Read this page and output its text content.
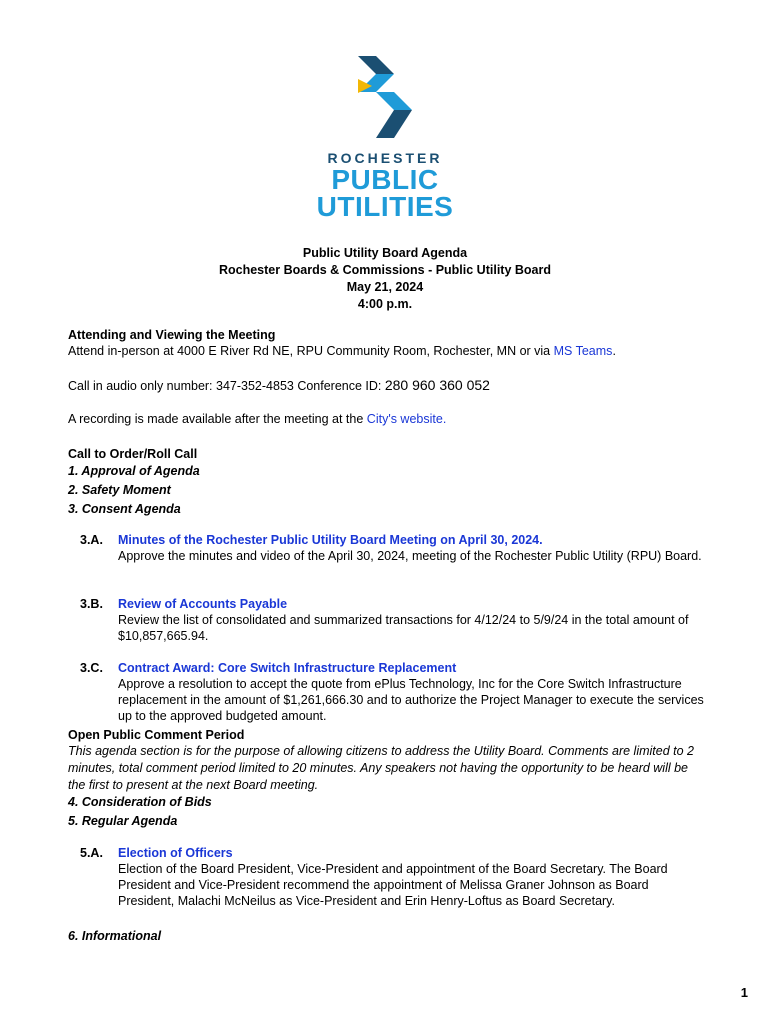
ROCHESTER
PUBLIC
UTILITIES
Public Utility Board Agenda
Rochester Boards & Commissions - Public Utility Board
May 21, 2024
4:00 p.m.
Attending and Viewing the Meeting
Attend in-person at 4000 E River Rd NE, RPU Community Room, Rochester, MN or via MS Teams.
Call in audio only number: 347-352-4853 Conference ID: 280 960 360 052
A recording is made available after the meeting at the City's website.
Call to Order/Roll Call
1. Approval of Agenda
2. Safety Moment
3. Consent Agenda
3.A. Minutes of the Rochester Public Utility Board Meeting on April 30, 2024.
Approve the minutes and video of the April 30, 2024, meeting of the Rochester Public Utility (RPU) Board.
3.B. Review of Accounts Payable
Review the list of consolidated and summarized transactions for 4/12/24 to 5/9/24 in the total amount of $10,857,665.94.
3.C. Contract Award: Core Switch Infrastructure Replacement
Approve a resolution to accept the quote from ePlus Technology, Inc for the Core Switch Infrastructure replacement in the amount of $1,261,666.30 and to authorize the Project Manager to execute the services up to the approved budgeted amount.
Open Public Comment Period
This agenda section is for the purpose of allowing citizens to address the Utility Board. Comments are limited to 2 minutes, total comment period limited to 20 minutes. Any speakers not having the opportunity to be heard will be the first to present at the next Board meeting.
4. Consideration of Bids
5. Regular Agenda
5.A. Election of Officers
Election of the Board President, Vice-President and appointment of the Board Secretary. The Board President and Vice-President recommend the appointment of Melissa Graner Johnson as Board President, Malachi McNeilus as Vice-President and Erin Henry-Loftus as Board Secretary.
6. Informational
1
